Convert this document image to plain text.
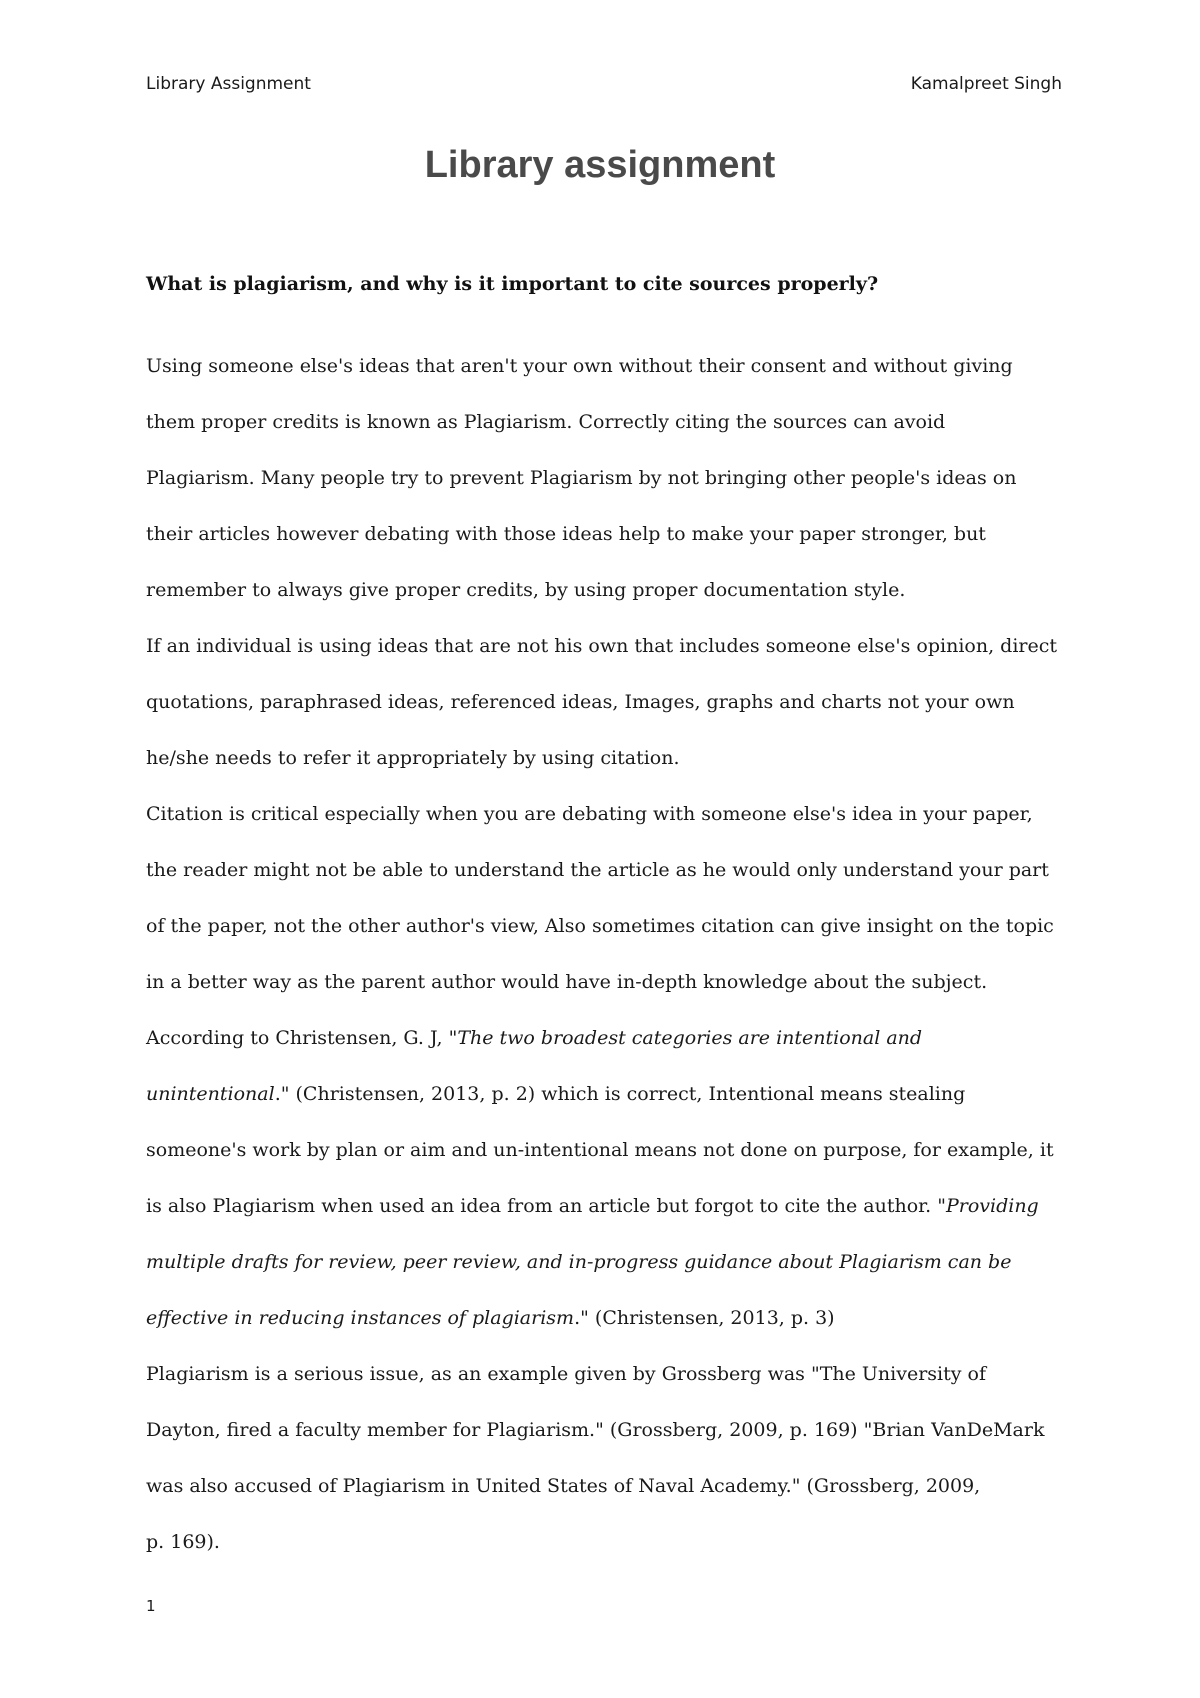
Library Assignment	Kamalpreet Singh
Library assignment
What is plagiarism, and why is it important to cite sources properly?
Using someone else's ideas that aren't your own without their consent and without giving
them proper credits is known as Plagiarism. Correctly citing the sources can avoid
Plagiarism. Many people try to prevent Plagiarism by not bringing other people's ideas on
their articles however debating with those ideas help to make your paper stronger, but
remember to always give proper credits, by using proper documentation style.
If an individual is using ideas that are not his own that includes someone else's opinion, direct
quotations, paraphrased ideas, referenced ideas, Images, graphs and charts not your own
he/she needs to refer it appropriately by using citation.
Citation is critical especially when you are debating with someone else's idea in your paper,
the reader might not be able to understand the article as he would only understand your part
of the paper, not the other author's view, Also sometimes citation can give insight on the topic
in a better way as the parent author would have in-depth knowledge about the subject.
According to Christensen, G. J, "The two broadest categories are intentional and
unintentional." (Christensen, 2013, p. 2) which is correct, Intentional means stealing
someone's work by plan or aim and un-intentional means not done on purpose, for example, it
is also Plagiarism when used an idea from an article but forgot to cite the author. "Providing
multiple drafts for review, peer review, and in-progress guidance about Plagiarism can be
effective in reducing instances of plagiarism." (Christensen, 2013, p. 3)
Plagiarism is a serious issue, as an example given by Grossberg was "The University of
Dayton, fired a faculty member for Plagiarism." (Grossberg, 2009, p. 169) "Brian VanDeMark
was also accused of Plagiarism in United States of Naval Academy." (Grossberg, 2009,
p. 169).
1
